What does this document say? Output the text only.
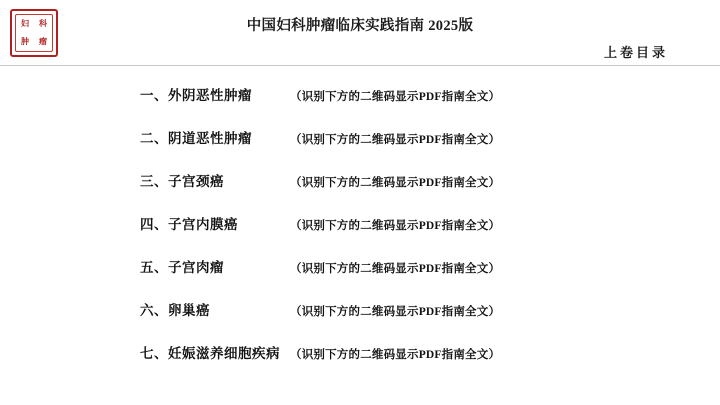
妇	科
肿	瘤
中国妇科肿瘤临床实践指南 2025版
上卷目录
一、外阴恶性肿瘤	（识别下方的二维码显示PDF指南全文）
二、阴道恶性肿瘤	（识别下方的二维码显示PDF指南全文）
三、子宫颈癌	（识别下方的二维码显示PDF指南全文）
四、子宫内膜癌	（识别下方的二维码显示PDF指南全文）
五、子宫肉瘤	（识别下方的二维码显示PDF指南全文）
六、卵巢癌	（识别下方的二维码显示PDF指南全文）
七、妊娠滋养细胞疾病 （识别下方的二维码显示PDF指南全文）
